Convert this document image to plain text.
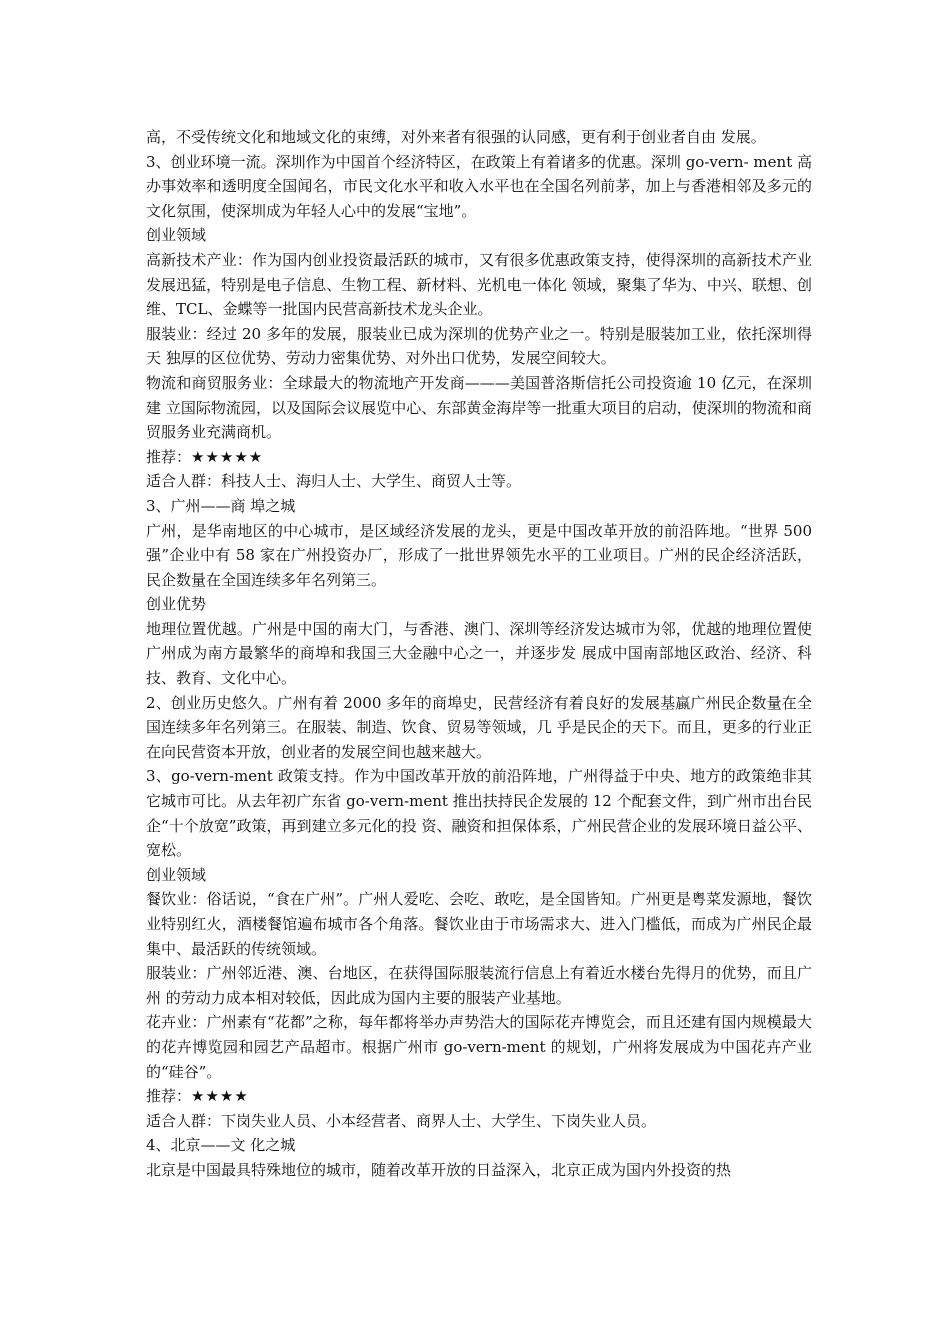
高，不受传统文化和地域文化的束缚，对外来者有很强的认同感，更有利于创业者自由 发展。

3、创业环境一流。深圳作为中国首个经济特区，在政策上有着诸多的优惠。深圳 go-vern- ment 高办事效率和透明度全国闻名，市民文化水平和收入水平也在全国名列前茅，加上与香港相邻及多元的文化氛围，使深圳成为年轻人心中的发展“宝地”。

创业领域

高新技术产业：作为国内创业投资最活跃的城市，又有很多优惠政策支持，使得深圳的高新技术产业发展迅猛，特别是电子信息、生物工程、新材料、光机电一体化 领域，聚集了华为、中兴、联想、创维、TCL、金蝶等一批国内民营高新技术龙头企业。

服装业：经过 20 多年的发展，服装业已成为深圳的优势产业之一。特别是服装加工业，依托深圳得天 独厚的区位优势、劳动力密集优势、对外出口优势，发展空间较大。

物流和商贸服务业：全球最大的物流地产开发商———美国普洛斯信托公司投资逾 10 亿元，在深圳建 立国际物流园，以及国际会议展览中心、东部黄金海岸等一批重大项目的启动，使深圳的物流和商贸服务业充满商机。

推荐：★★★★★

适合人群：科技人士、海归人士、大学生、商贸人士等。

3、广州——商 埠之城

广州，是华南地区的中心城市，是区域经济发展的龙头，更是中国改革开放的前沿阵地。“世界 500 强”企业中有 58 家在广州投资办厂，形成了一批世界领先水平的工业项目。广州的民企经济活跃，民企数量在全国连续多年名列第三。

创业优势

地理位置优越。广州是中国的南大门，与香港、澳门、深圳等经济发达城市为邻，优越的地理位置使广州成为南方最繁华的商埠和我国三大金融中心之一，并逐步发 展成中国南部地区政治、经济、科技、教育、文化中心。

2、创业历史悠久。广州有着 2000 多年的商埠史，民营经济有着良好的发展基蠃广州民企数量在全国连续多年名列第三。在服装、制造、饮食、贸易等领域，几 乎是民企的天下。而且，更多的行业正在向民营资本开放，创业者的发展空间也越来越大。

3、go-vern-ment 政策支持。作为中国改革开放的前沿阵地，广州得益于中央、地方的政策绝非其它城市可比。从去年初广东省 go-vern-ment 推出扶持民企发展的 12 个配套文件，到广州市出台民企“十个放宽”政策，再到建立多元化的投 资、融资和担保体系，广州民营企业的发展环境日益公平、宽松。

创业领域

餐饮业：俗话说，“食在广州”。广州人爱吃、会吃、敢吃，是全国皆知。广州更是粤菜发源地，餐饮 业特别红火，酒楼餐馆遍布城市各个角落。餐饮业由于市场需求大、进入门槛低，而成为广州民企最集中、最活跃的传统领域。

服装业：广州邻近港、澳、台地区，在获得国际服装流行信息上有着近水楼台先得月的优势，而且广州 的劳动力成本相对较低，因此成为国内主要的服装产业基地。

花卉业：广州素有“花都”之称，每年都将举办声势浩大的国际花卉博览会，而且还建有国内规模最大 的花卉博览园和园艺产品超市。根据广州市 go-vern-ment 的规划，广州将发展成为中国花卉产业的“硅谷”。

推荐：★★★★

适合人群：下岗失业人员、小本经营者、商界人士、大学生、下岗失业人员。

4、北京——文 化之城

北京是中国最具特殊地位的城市，随着改革开放的日益深入，北京正成为国内外投资的热
